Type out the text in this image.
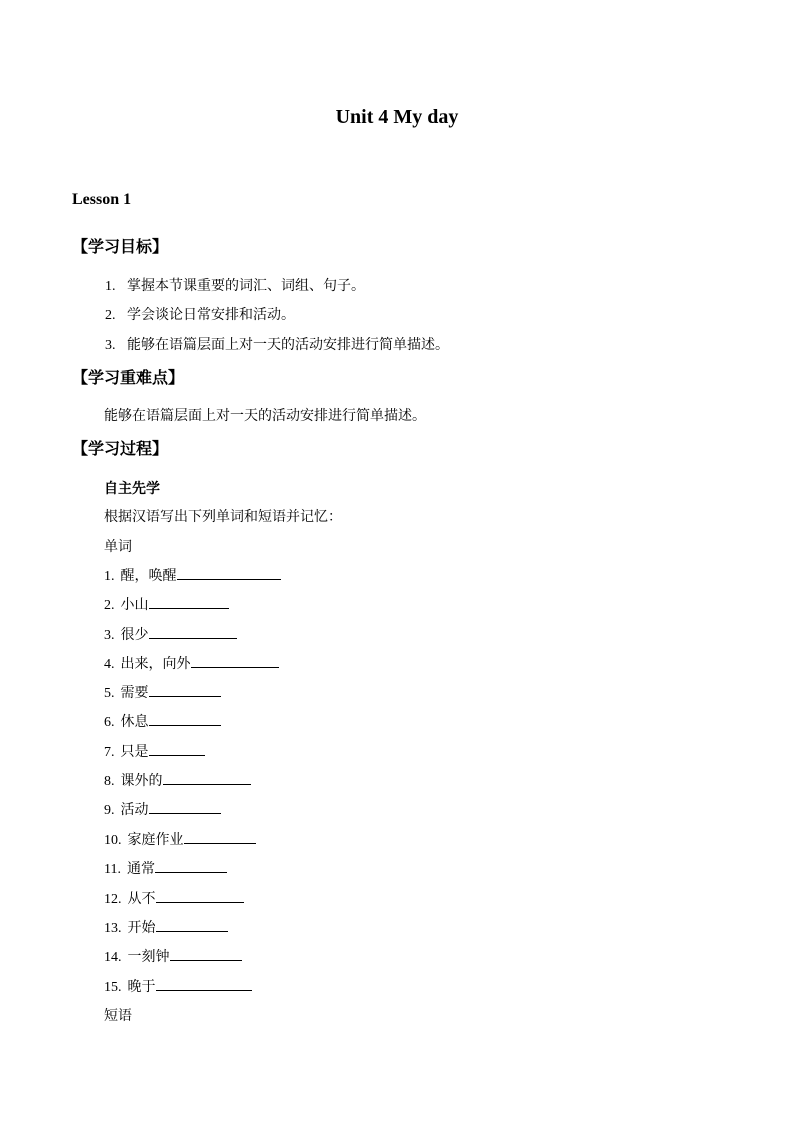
Unit 4 My day
Lesson 1
【学习目标】
1. 掌握本节课重要的词汇、词组、句子。
2. 学会谈论日常安排和活动。
3. 能够在语篇层面上对一天的活动安排进行简单描述。
【学习重难点】
能够在语篇层面上对一天的活动安排进行简单描述。
【学习过程】
自主先学
根据汉语写出下列单词和短语并记忆：
单词
1. 醒，唤醒
2. 小山
3. 很少
4. 出来，向外
5. 需要
6. 休息
7. 只是
8. 课外的
9. 活动
10. 家庭作业
11. 通常
12. 从不
13. 开始
14. 一刻钟
15. 晚于
短语
